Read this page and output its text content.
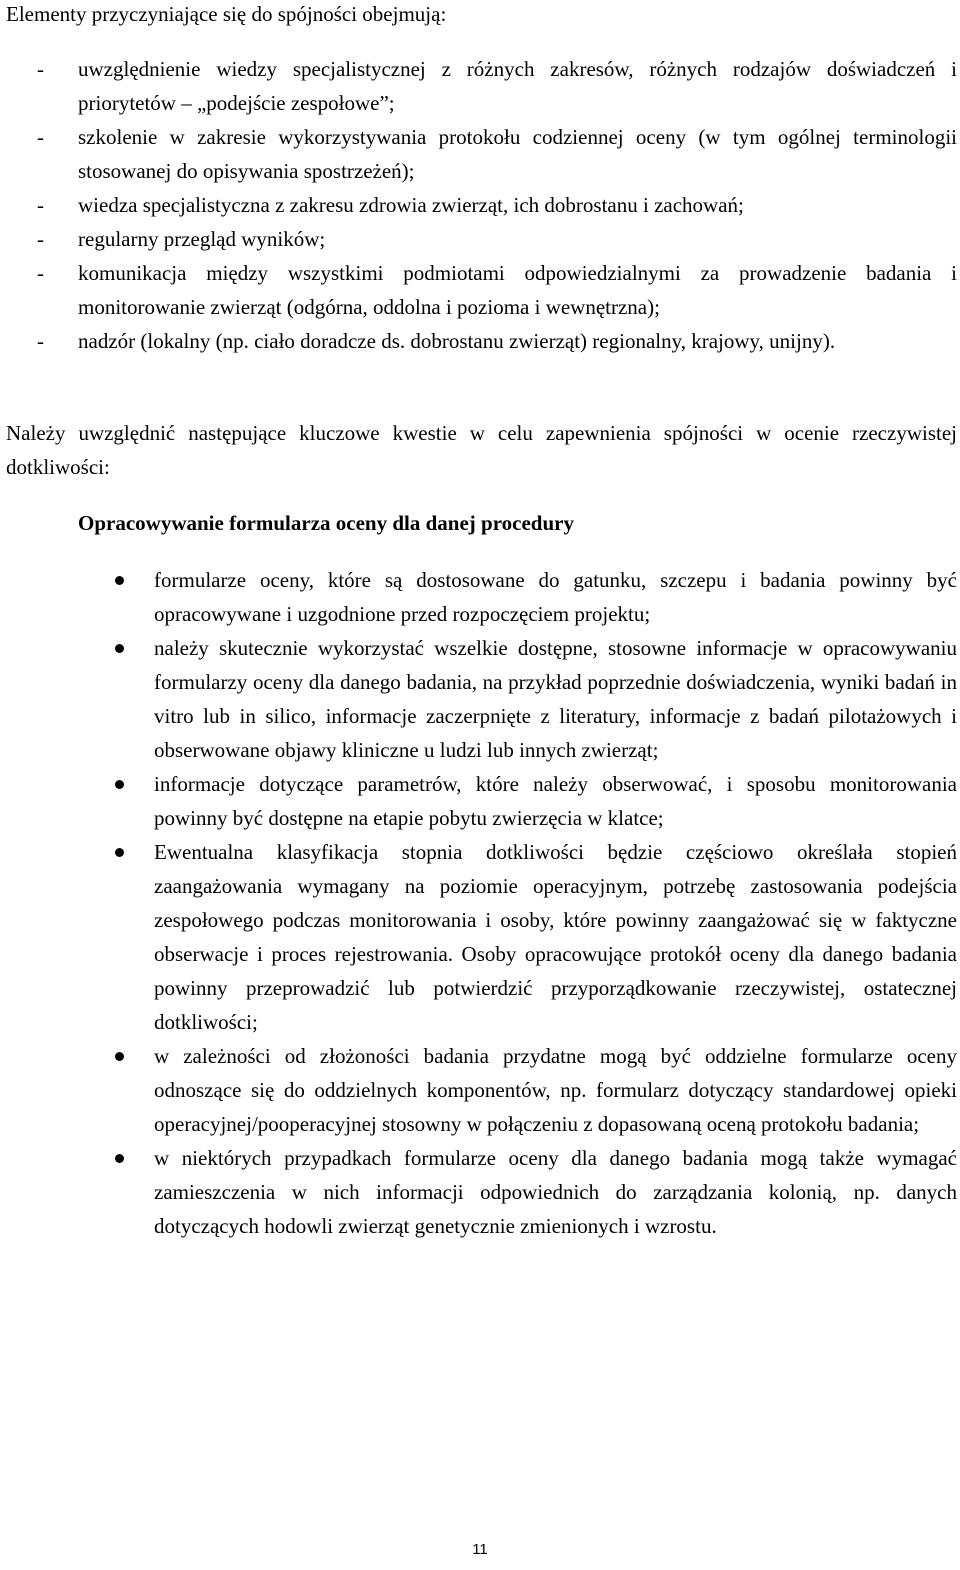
Elementy przyczyniające się do spójności obejmują:

- uwzględnienie wiedzy specjalistycznej z różnych zakresów, różnych rodzajów doświadczeń i priorytetów – „podejście zespołowe”;
- szkolenie w zakresie wykorzystywania protokołu codziennej oceny (w tym ogólnej terminologii stosowanej do opisywania spostrzeżeń);
- wiedza specjalistyczna z zakresu zdrowia zwierząt, ich dobrostanu i zachowań;
- regularny przegląd wyników;
- komunikacja między wszystkimi podmiotami odpowiedzialnymi za prowadzenie badania i monitorowanie zwierząt (odgórna, oddolna i pozioma i wewnętrzna);
- nadzór (lokalny (np. ciało doradcze ds. dobrostanu zwierząt) regionalny, krajowy, unijny).

Należy uwzględnić następujące kluczowe kwestie w celu zapewnienia spójności w ocenie rzeczywistej dotkliwości:

Opracowywanie formularza oceny dla danej procedury
formularze oceny, które są dostosowane do gatunku, szczepu i badania powinny być opracowywane i uzgodnione przed rozpoczęciem projektu;
należy skutecznie wykorzystać wszelkie dostępne, stosowne informacje w opracowywaniu formularzy oceny dla danego badania, na przykład poprzednie doświadczenia, wyniki badań in vitro lub in silico, informacje zaczerpnięte z literatury, informacje z badań pilotażowych i obserwowane objawy kliniczne u ludzi lub innych zwierząt;
informacje dotyczące parametrów, które należy obserwować, i sposobu monitorowania powinny być dostępne na etapie pobytu zwierzęcia w klatce;
Ewentualna klasyfikacja stopnia dotkliwości będzie częściowo określała stopień zaangażowania wymagany na poziomie operacyjnym, potrzebę zastosowania podejścia zespołowego podczas monitorowania i osoby, które powinny zaangażować się w faktyczne obserwacje i proces rejestrowania. Osoby opracowujące protokół oceny dla danego badania powinny przeprowadzić lub potwierdzić przyporządkowanie rzeczywistej, ostatecznej dotkliwości;
w zależności od złożoności badania przydatne mogą być oddzielne formularze oceny odnoszące się do oddzielnych komponentów, np. formularz dotyczący standardowej opieki operacyjnej/pooperacyjnej stosowny w połączeniu z dopasowaną oceną protokołu badania;
w niektórych przypadkach formularze oceny dla danego badania mogą także wymagać zamieszczenia w nich informacji odpowiednich do zarządzania kolonią, np. danych dotyczących hodowli zwierząt genetycznie zmienionych i wzrostu.
11
